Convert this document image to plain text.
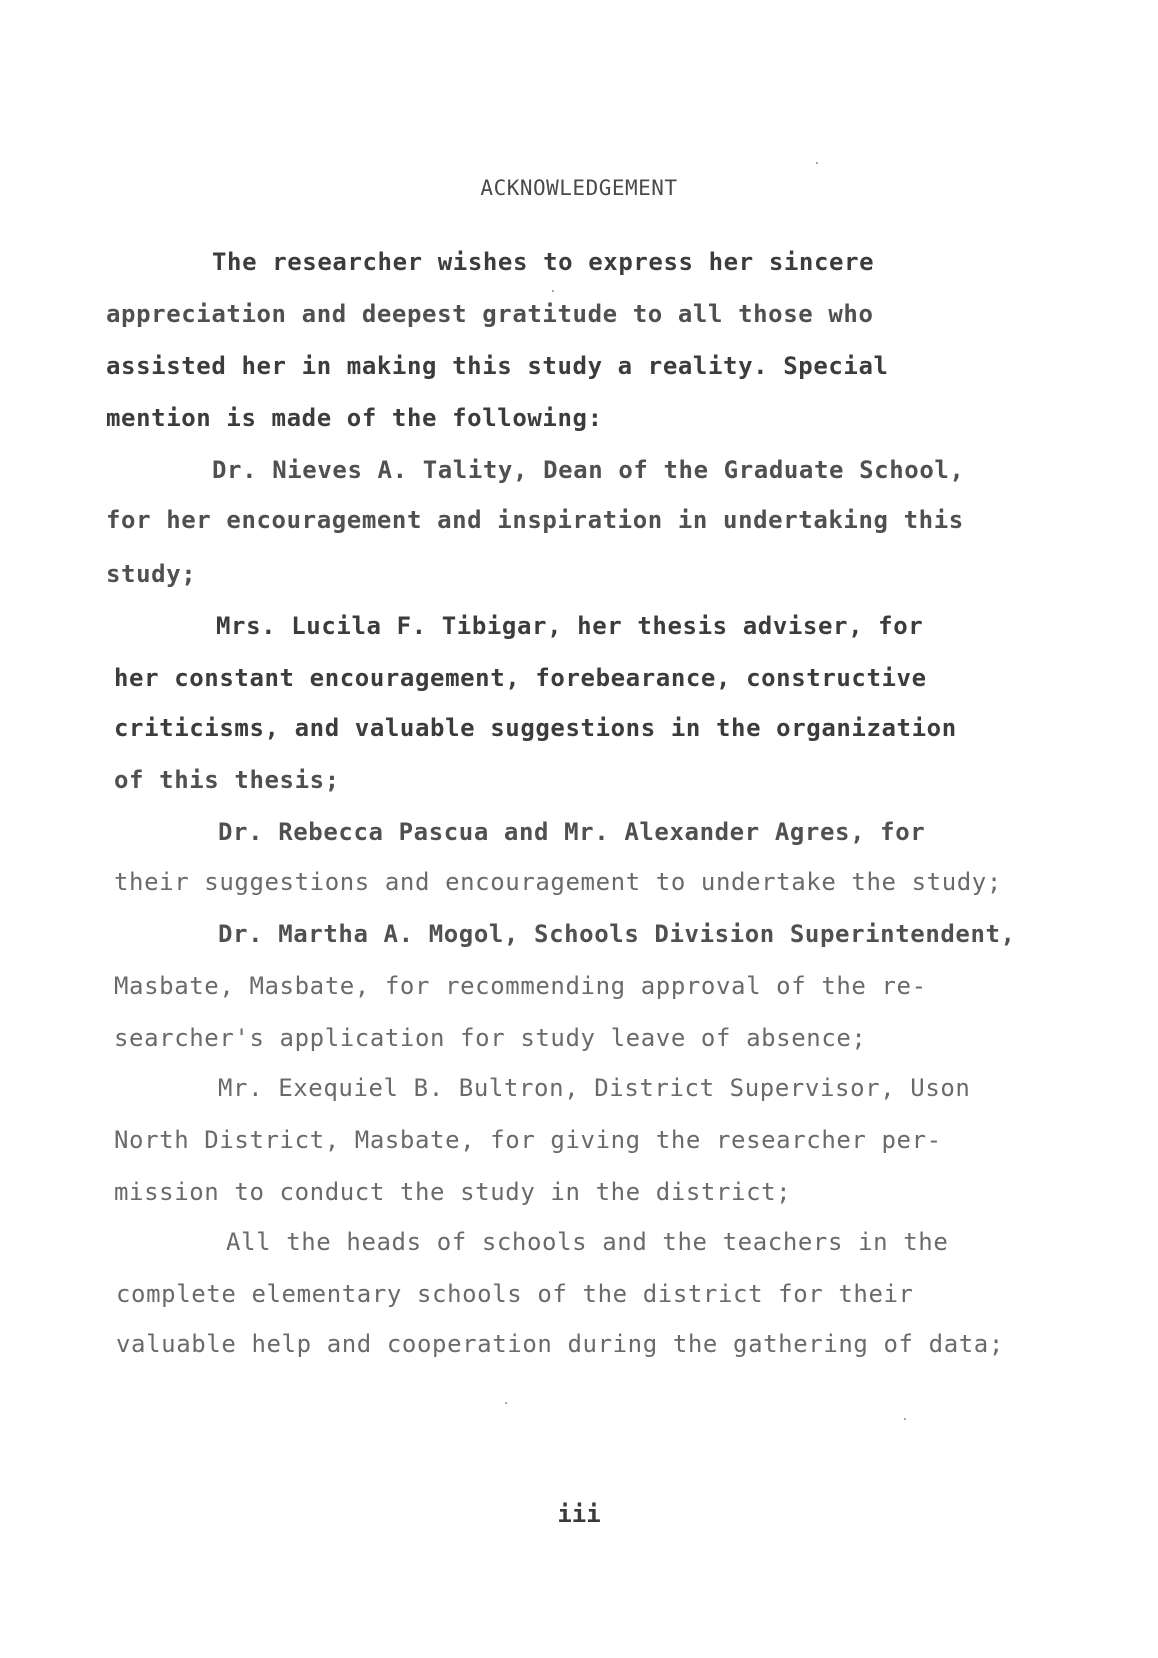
ACKNOWLEDGEMENT
The researcher wishes to express her sincere
appreciation and deepest gratitude to all those who
assisted her in making this study a reality. Special
mention is made of the following:
Dr. Nieves A. Tality, Dean of the Graduate School,
for her encouragement and inspiration in undertaking this
study;
Mrs. Lucila F. Tibigar, her thesis adviser, for
her constant encouragement, forebearance, constructive
criticisms, and valuable suggestions in the organization
of this thesis;
Dr. Rebecca Pascua and Mr. Alexander Agres, for
their suggestions and encouragement to undertake the study;
Dr. Martha A. Mogol, Schools Division Superintendent,
Masbate, Masbate, for recommending approval of the re-
searcher's application for study leave of absence;
Mr. Exequiel B. Bultron, District Supervisor, Uson
North District, Masbate, for giving the researcher per-
mission to conduct the study in the district;
All the heads of schools and the teachers in the
complete elementary schools of the district for their
valuable help and cooperation during the gathering of data;
iii
